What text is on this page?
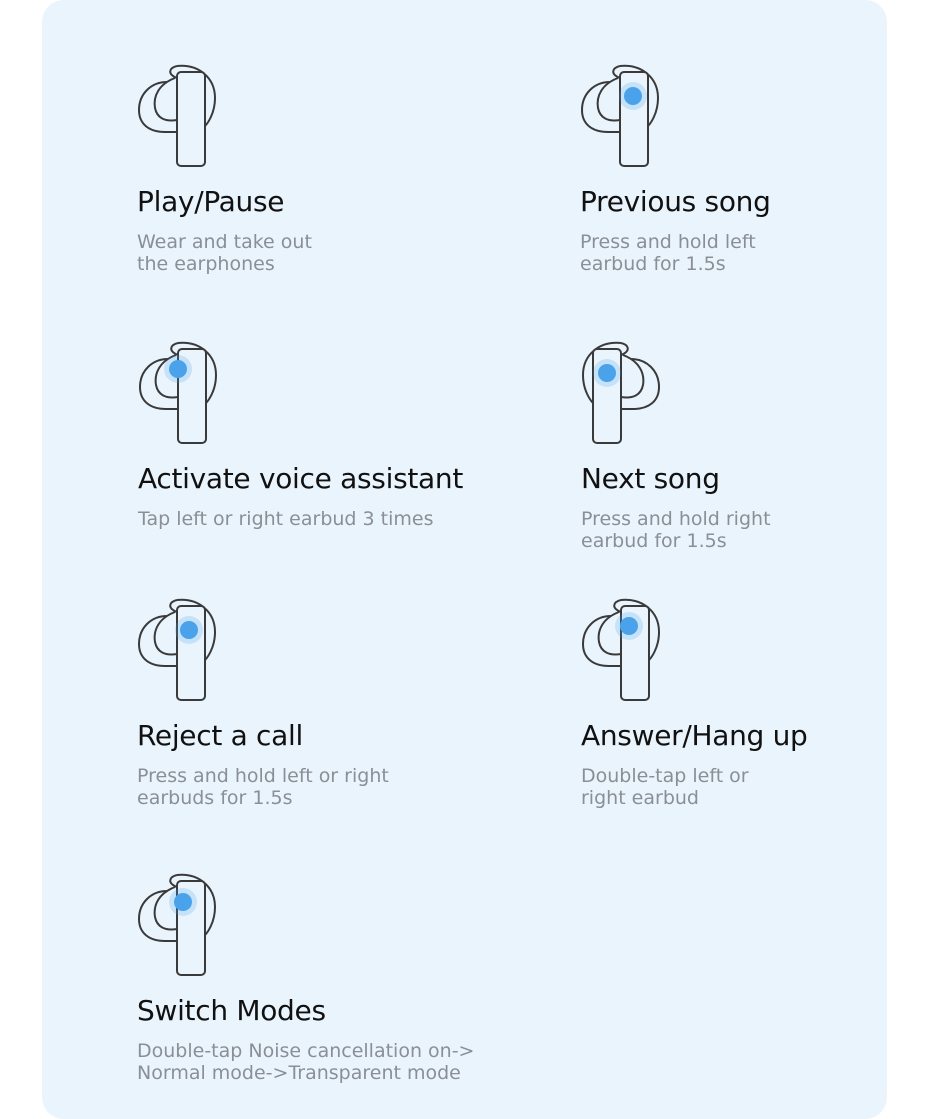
Play/Pause
Wear and take out
the earphones
Previous song
Press and hold left
earbud for 1.5s
Activate voice assistant
Tap left or right earbud 3 times
Next song
Press and hold right
earbud for 1.5s
Reject a call
Press and hold left or right
earbuds for 1.5s
Answer/Hang up
Double-tap left or
right earbud
Switch Modes
Double-tap Noise cancellation on->
Normal mode->Transparent mode
